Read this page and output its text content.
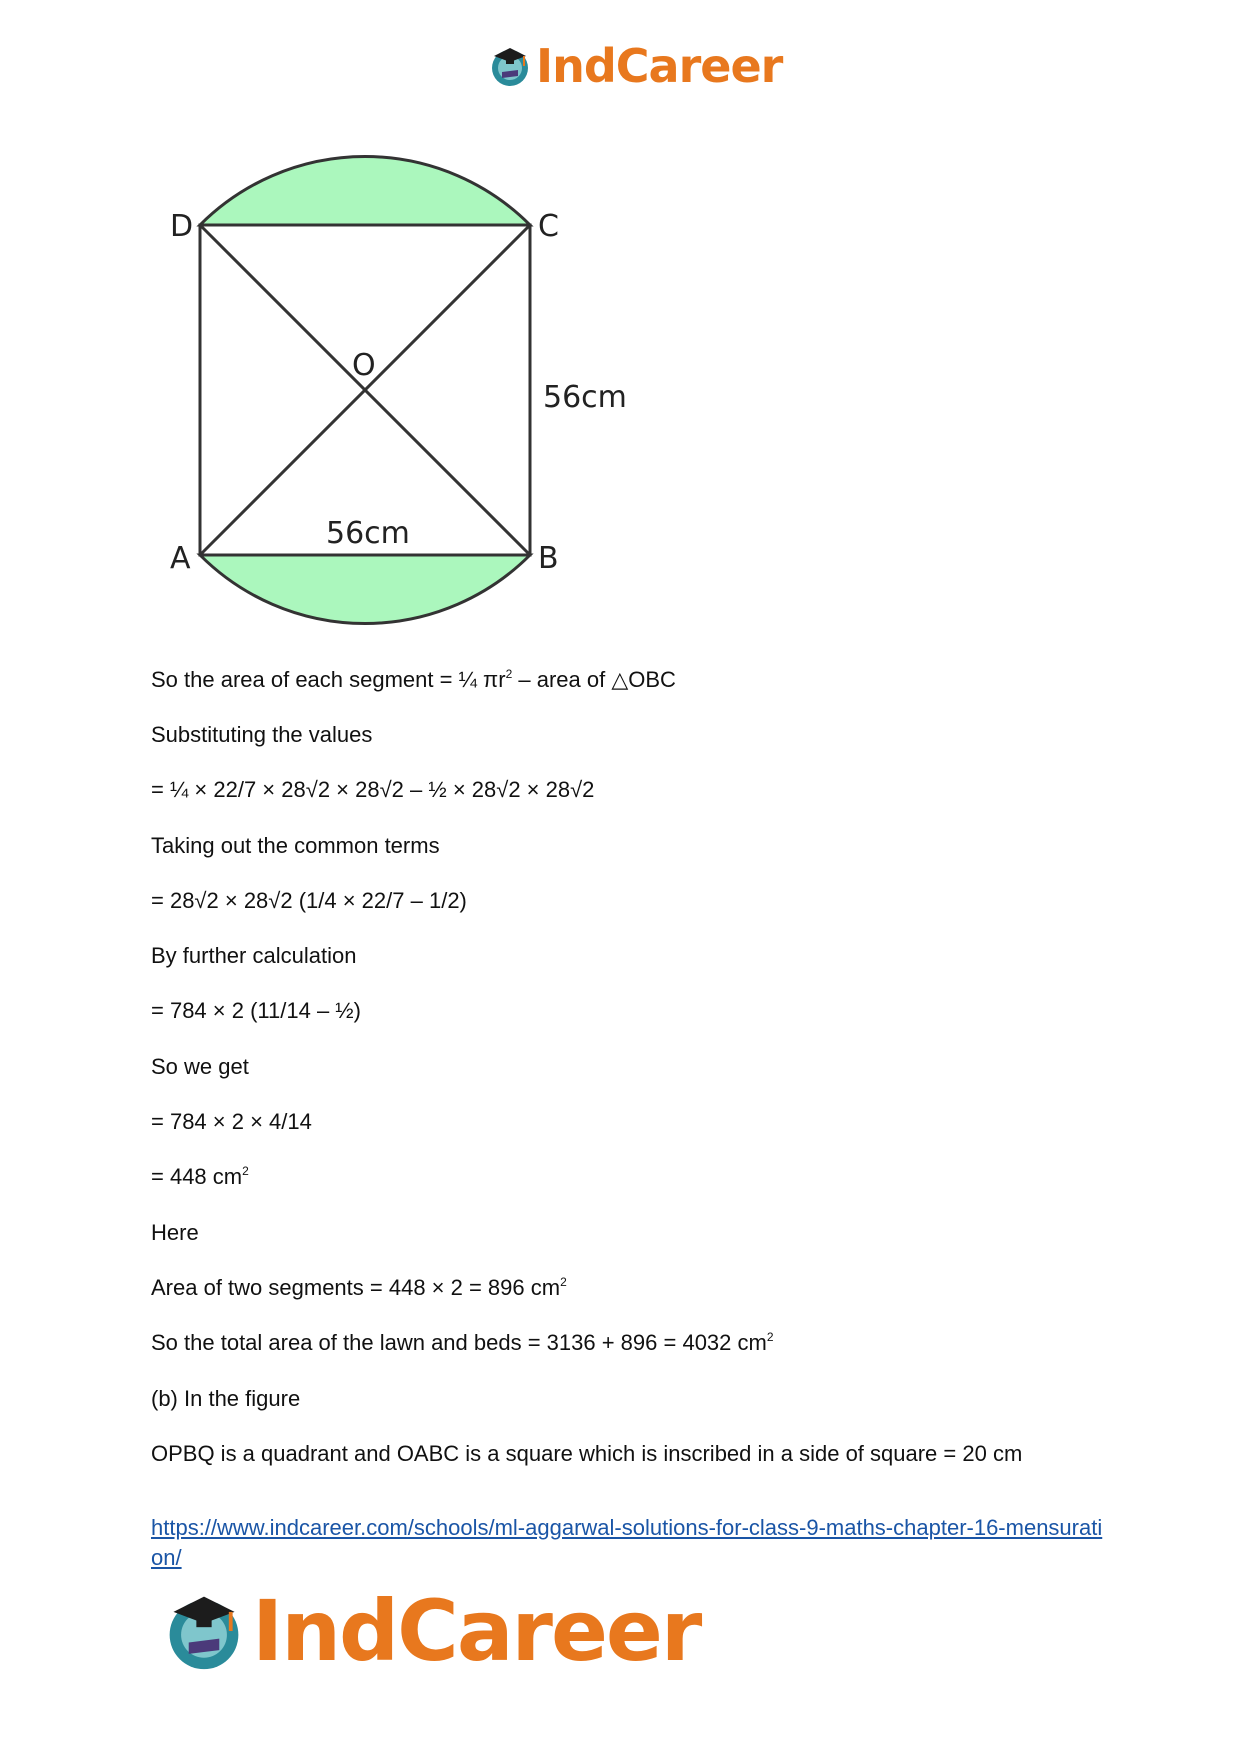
IndCareer
D	C
O
A	B
56cm
56cm
So the area of each segment = ¼ $\pi r^2$ – area of △OBC
Substituting the values
= ¼ × 22/7 × 28√2 × 28√2 – ½ × 28√2 × 28√2
Taking out the common terms
= 28√2 × 28√2 (1/4 × 22/7 – 1/2)
By further calculation
= 784 × 2 (11/14 – ½)
So we get
= 784 × 2 × 4/14
= 448 $cm^2$
Here
Area of two segments = 448 × 2 = 896 $cm^2$
So the total area of the lawn and beds = 3136 + 896 = 4032 $cm^2$
(b) In the figure
OPBQ is a quadrant and OABC is a square which is inscribed in a side of square = 20 cm
https://www.indcareer.com/schools/ml-aggarwal-solutions-for-class-9-maths-chapter-16-mensuration/
IndCareer
